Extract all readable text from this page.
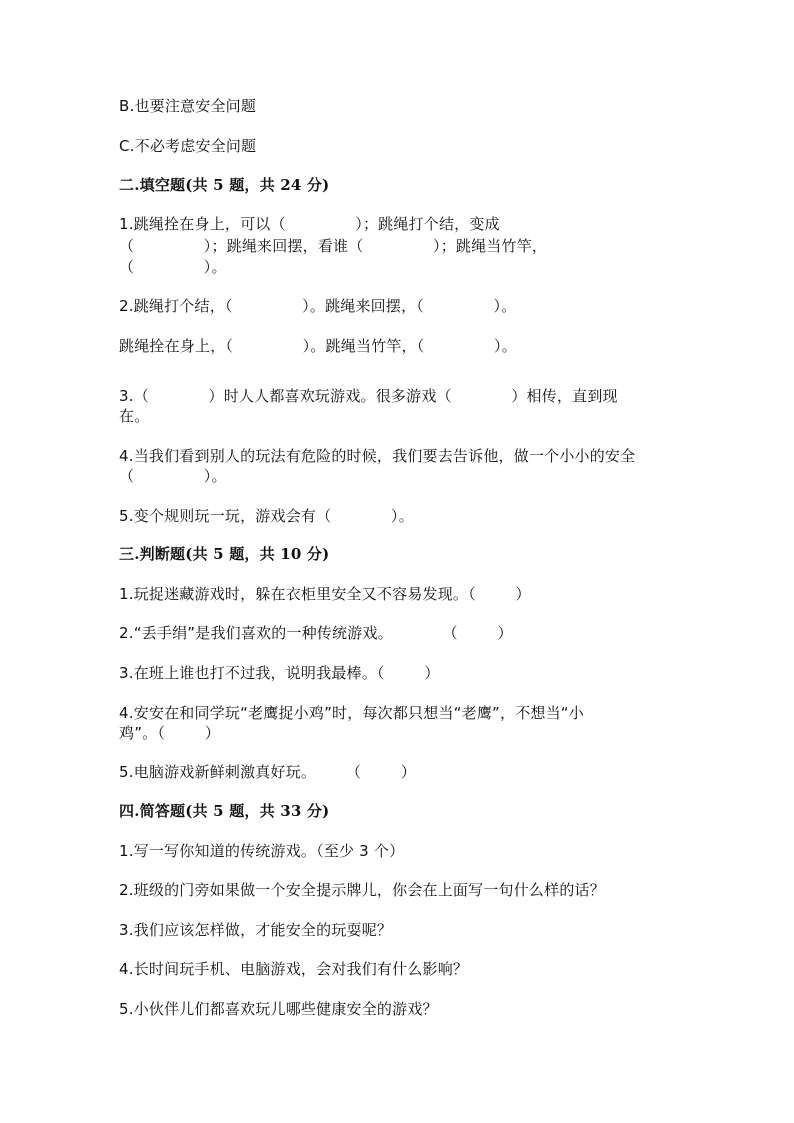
B.也要注意安全问题
C.不必考虑安全问题
二.填空题(共 5 题，共 24 分)
1.跳绳拴在身上，可以（              ）；跳绳打个结，变成
（              ）；跳绳来回摆，看谁（              ）；跳绳当竹竿，
（              ）。
2.跳绳打个结，（              ）。跳绳来回摆，（              ）。
跳绳拴在身上，（              ）。跳绳当竹竿，（              ）。
3.（            ）时人人都喜欢玩游戏。很多游戏（            ）相传，直到现
在。
4.当我们看到别人的玩法有危险的时候，我们要去告诉他，做一个小小的安全
（              ）。
5.变个规则玩一玩，游戏会有（            ）。
三.判断题(共 5 题，共 10 分)
1.玩捉迷藏游戏时，躲在衣柜里安全又不容易发现。（        ）
2.“丢手绢”是我们喜欢的一种传统游戏。          （        ）
3.在班上谁也打不过我，说明我最棒。（        ）
4.安安在和同学玩“老鹰捉小鸡”时，每次都只想当“老鹰”，不想当“小
鸡”。（        ）
5.电脑游戏新鲜刺激真好玩。      （        ）
四.简答题(共 5 题，共 33 分)
1.写一写你知道的传统游戏。（至少 3 个）
2.班级的门旁如果做一个安全提示牌儿，你会在上面写一句什么样的话？
3.我们应该怎样做，才能安全的玩耍呢？
4.长时间玩手机、电脑游戏，会对我们有什么影响？
5.小伙伴儿们都喜欢玩儿哪些健康安全的游戏？
